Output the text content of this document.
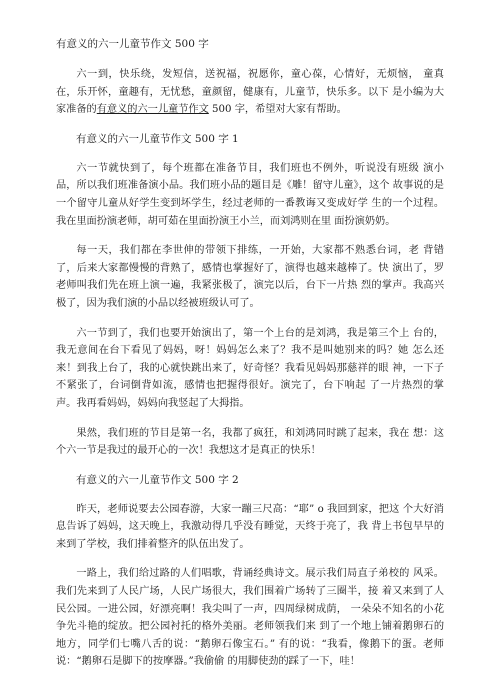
有意义的六一儿童节作文 500 字

六一到，快乐绕，发短信，送祝福，祝愿你，童心葆，心情好，无烦恼， 童真在，乐开怀，童趣有，无忧愁，童颜留，健康有，儿童节，快乐多。以下 是小编为大家准备的有意义的六一儿童节作文 500 字，希望对大家有帮助。

有意义的六一儿童节作文 500 字 1

六一节就快到了，每个班都在准备节目，我们班也不例外，听说没有班级 演小品，所以我们班准备演小品。我们班小品的题目是《雕！留守儿童》，这个 故事说的是一个留守儿童从好学生变到坏学生，经过老师的一番教诲又变成好学 生的一个过程。我在里面扮演老师，胡可茹在里面扮演王小兰，而刘鸿则在里 面扮演奶奶。

每一天，我们都在李世伸的带领下排练，一开始，大家都不熟悉台词，老 背错了，后来大家都慢慢的背熟了，感情也掌握好了，演得也越来越棒了。快 演出了，罗老师叫我们先在班上演一遍，我紧张极了，演完以后，台下一片热 烈的掌声。我高兴极了，因为我们演的小品以经被班级认可了。

六一节到了，我们也要开始演出了，第一个上台的是刘鸿，我是第三个上 台的，我无意间在台下看见了妈妈，呀！妈妈怎么来了？我不是叫她别来的吗？她 怎么还来！到我上台了，我的心就快跳出来了，好奇怪？我看见妈妈那慈祥的眼 神，一下子不紧张了，台词倒背如流，感情也把握得很好。演完了，台下响起 了一片热烈的掌声。我再看妈妈，妈妈向我竖起了大拇指。

果然，我们班的节目是第一名，我都了疯狂，和刘鸿同时跳了起来，我在 想：这个六一节是我过的最开心的一次！我想这才是真正的快乐！

有意义的六一儿童节作文 500 字 2

昨天，老师说要去公园春游，大家一蹦三尺高：“耶” o 我回到家，把这 个大好消息告诉了妈妈，这天晚上，我激动得几乎没有睡觉，天终于亮了，我 背上书包早早的来到了学校，我们排着整齐的队伍出发了。

一路上，我们给过路的人们唱歌，背诵经典诗文。展示我们局直子弟校的 风采。我们先来到了人民广场，人民广场很大，我们围着广场转了三圈半，接 着又来到了人民公园。一进公园，好漂亮啊！我尖叫了一声，四周绿树成荫， 一朵朵不知名的小花争先斗艳的绽放。把公园衬托的格外美丽。老师领我们来 到了一个地上铺着鹅卵石的地方，同学们七嘴八舌的说：“鹅卵石像宝石。” 有的说：“我看，像鹅下的蛋。老师说：“鹅卵石是脚下的按摩器。”我偷偷 的用脚使劲的踩了一下，哇！
